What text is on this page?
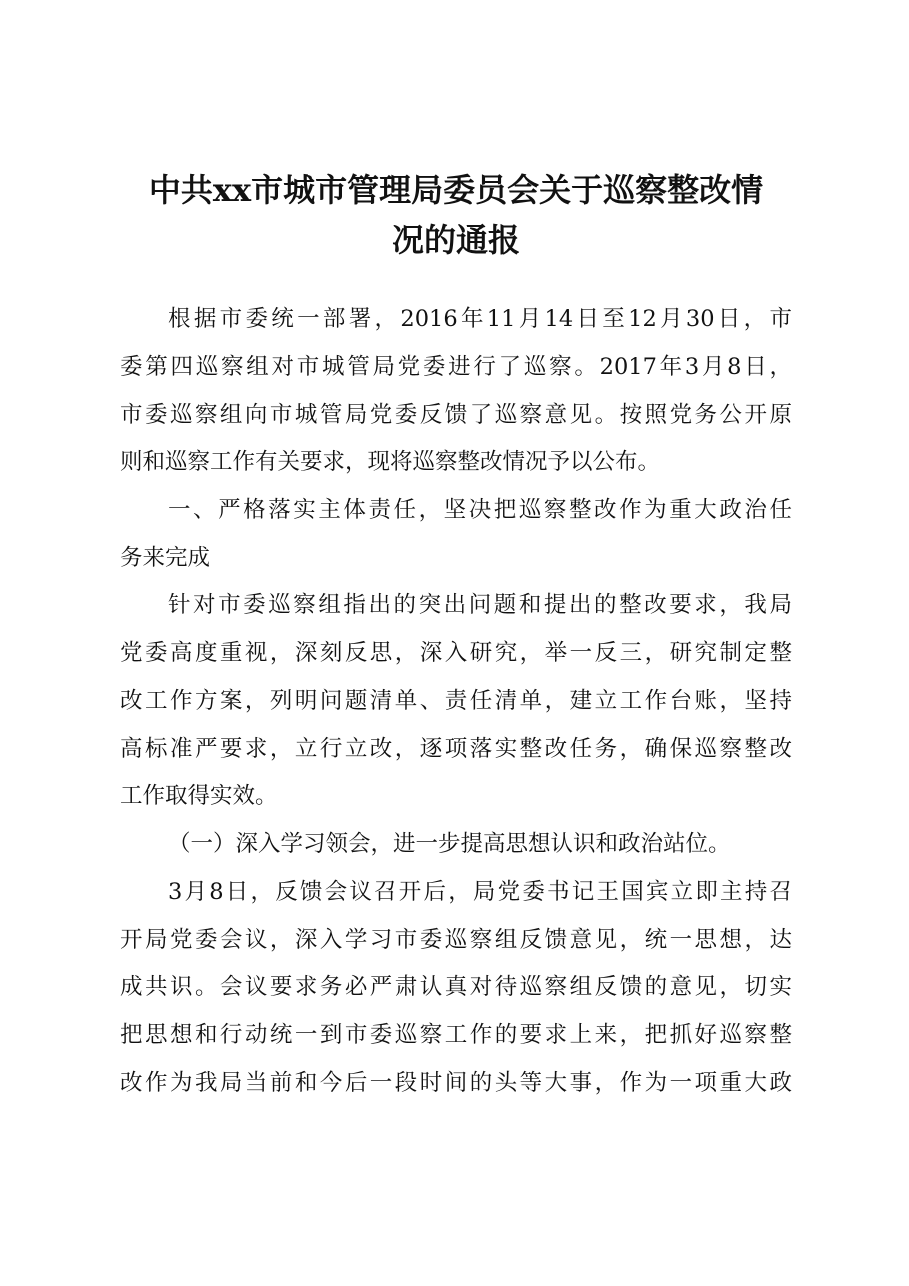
中共xx市城市管理局委员会关于巡察整改情
况的通报

根据市委统一部署，2016年11月14日至12月30日，市

委第四巡察组对市城管局党委进行了巡察。2017年3月8日，

市委巡察组向市城管局党委反馈了巡察意见。按照党务公开原

则和巡察工作有关要求，现将巡察整改情况予以公布。

一、严格落实主体责任，坚决把巡察整改作为重大政治任

务来完成

针对市委巡察组指出的突出问题和提出的整改要求，我局

党委高度重视，深刻反思，深入研究，举一反三，研究制定整

改工作方案，列明问题清单、责任清单，建立工作台账，坚持

高标准严要求，立行立改，逐项落实整改任务，确保巡察整改

工作取得实效。

（一）深入学习领会，进一步提高思想认识和政治站位。

3月8日，反馈会议召开后，局党委书记王国宾立即主持召

开局党委会议，深入学习市委巡察组反馈意见，统一思想，达

成共识。会议要求务必严肃认真对待巡察组反馈的意见，切实

把思想和行动统一到市委巡察工作的要求上来，把抓好巡察整

改作为我局当前和今后一段时间的头等大事，作为一项重大政
